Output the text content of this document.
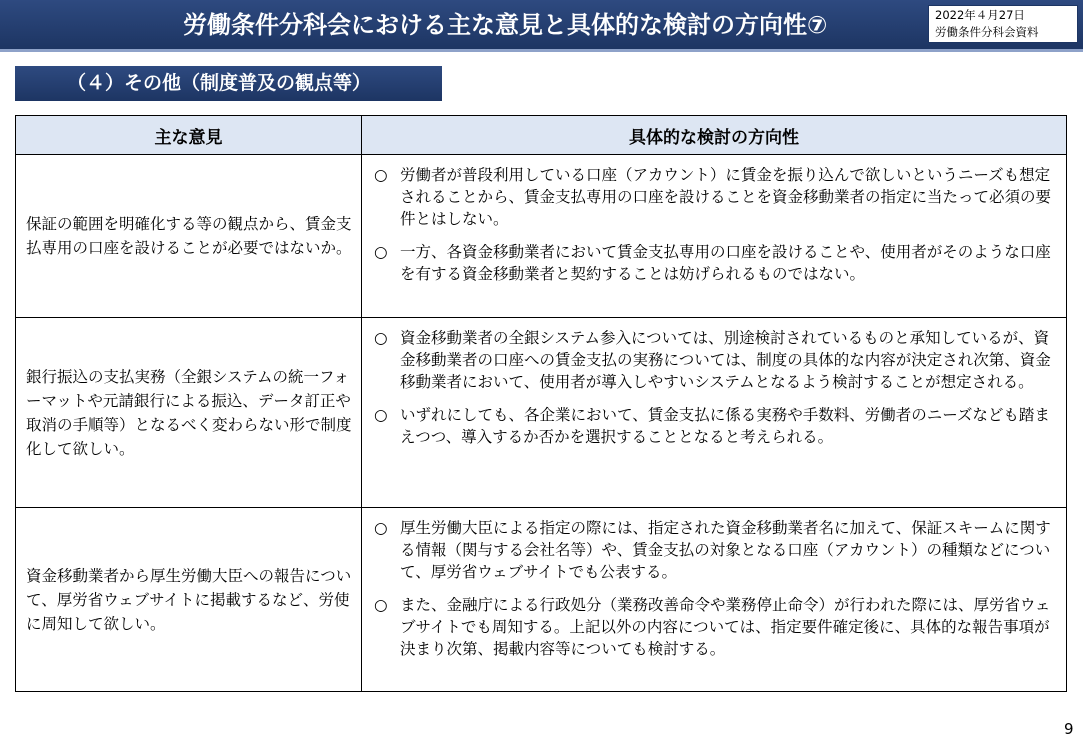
労働条件分科会における主な意見と具体的な検討の方向性⑦	2022年４月27日
労働条件分科会資料
（４）その他（制度普及の観点等）
主な意見	具体的な検討の方向性
保証の範囲を明確化する等の観点から、賃金支払専用の口座を設けることが必要ではないか。	○ 労働者が普段利用している口座（アカウント）に賃金を振り込んで欲しいというニーズも想定されることから、賃金支払専用の口座を設けることを資金移動業者の指定に当たって必須の要件とはしない。
○ 一方、各資金移動業者において賃金支払専用の口座を設けることや、使用者がそのような口座を有する資金移動業者と契約することは妨げられるものではない。

銀行振込の支払実務（全銀システムの統一フォーマットや元請銀行による振込、データ訂正や取消の手順等）となるべく変わらない形で制度化して欲しい。	○ 資金移動業者の全銀システム参入については、別途検討されているものと承知しているが、資金移動業者の口座への賃金支払の実務については、制度の具体的な内容が決定され次第、資金移動業者において、使用者が導入しやすいシステムとなるよう検討することが想定される。
○ いずれにしても、各企業において、賃金支払に係る実務や手数料、労働者のニーズなども踏まえつつ、導入するか否かを選択することとなると考えられる。

資金移動業者から厚生労働大臣への報告について、厚労省ウェブサイトに掲載するなど、労使に周知して欲しい。	○ 厚生労働大臣による指定の際には、指定された資金移動業者名に加えて、保証スキームに関する情報（関与する会社名等）や、賃金支払の対象となる口座（アカウント）の種類などについて、厚労省ウェブサイトでも公表する。
○ また、金融庁による行政処分（業務改善命令や業務停止命令）が行われた際には、厚労省ウェブサイトでも周知する。上記以外の内容については、指定要件確定後に、具体的な報告事項が決まり次第、掲載内容等についても検討する。
9
